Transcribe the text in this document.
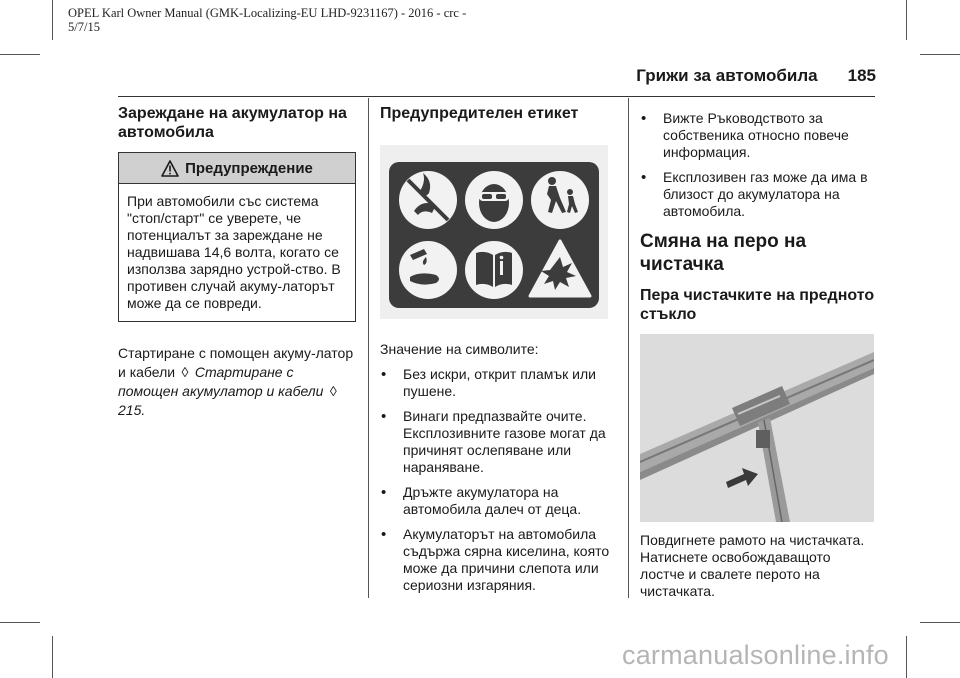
OPEL Karl Owner Manual (GMK-Localizing-EU LHD-9231167) - 2016 - crc -
5/7/15
Грижи за автомобила 185
Зареждане на акумулатор на автомобила
Предупреждение
При автомобили със система "стоп/старт" се уверете, че потенциалът за зареждане не надвишава 14,6 волта, когато се използва зарядно устрой-ство. В противен случай акуму-латорът може да се повреди.

Стартиране с помощен акуму-латор и кабели ◊ Стартиране с помощен акумулатор и кабели ◊ 215.

Предупредителен етикет

Значение на символите:

• Без искри, открит пламък или пушене.
• Винаги предпазвайте очите. Експлозивните газове могат да причинят ослепяване или нараняване.
• Дръжте акумулатора на автомобила далеч от деца.
• Акумулаторът на автомобила съдържа сярна киселина, която може да причини слепота или сериозни изгаряния.
• Вижте Ръководството за собственика относно повече информация.
• Експлозивен газ може да има в близост до акумулатора на автомобила.
Смяна на перо на чистачка
Пера чистачките на предното стъкло

Повдигнете рамото на чистачката. Натиснете освобождаващото лостче и свалете перото на чистачката.

carmanualsonline.info
